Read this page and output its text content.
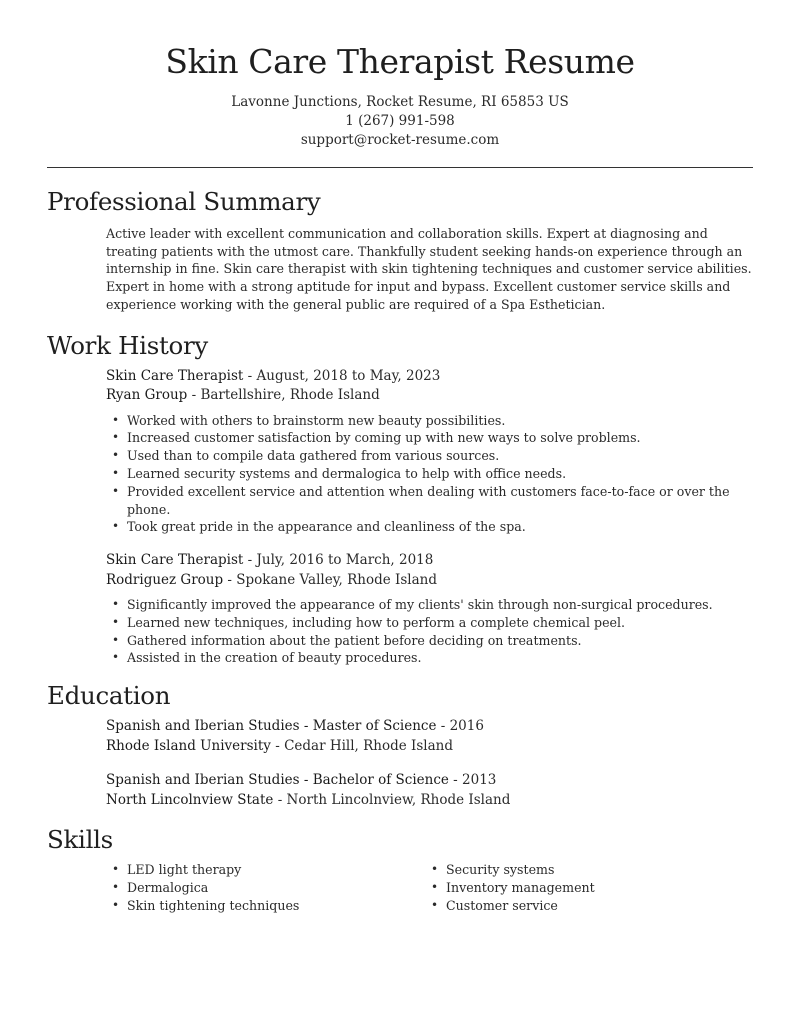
Skin Care Therapist Resume
Lavonne Junctions, Rocket Resume, RI 65853 US
1 (267) 991-598
support@rocket-resume.com
Professional Summary

Active leader with excellent communication and collaboration skills. Expert at diagnosing and treating patients with the utmost care. Thankfully student seeking hands-on experience through an internship in fine. Skin care therapist with skin tightening techniques and customer service abilities. Expert in home with a strong aptitude for input and bypass. Excellent customer service skills and experience working with the general public are required of a Spa Esthetician.

Work History
Skin Care Therapist - August, 2018 to May, 2023
Ryan Group - Bartellshire, Rhode Island
• Worked with others to brainstorm new beauty possibilities.
• Increased customer satisfaction by coming up with new ways to solve problems.
• Used than to compile data gathered from various sources.
• Learned security systems and dermalogica to help with office needs.
• Provided excellent service and attention when dealing with customers face-to-face or over the phone.
• Took great pride in the appearance and cleanliness of the spa.
Skin Care Therapist - July, 2016 to March, 2018
Rodriguez Group - Spokane Valley, Rhode Island
• Significantly improved the appearance of my clients' skin through non-surgical procedures.
• Learned new techniques, including how to perform a complete chemical peel.
• Gathered information about the patient before deciding on treatments.
• Assisted in the creation of beauty procedures.
Education
Spanish and Iberian Studies - Master of Science - 2016
Rhode Island University - Cedar Hill, Rhode Island
Spanish and Iberian Studies - Bachelor of Science - 2013
North Lincolnview State - North Lincolnview, Rhode Island
Skills
• LED light therapy
• Dermalogica
• Skin tightening techniques
• Security systems
• Inventory management
• Customer service
